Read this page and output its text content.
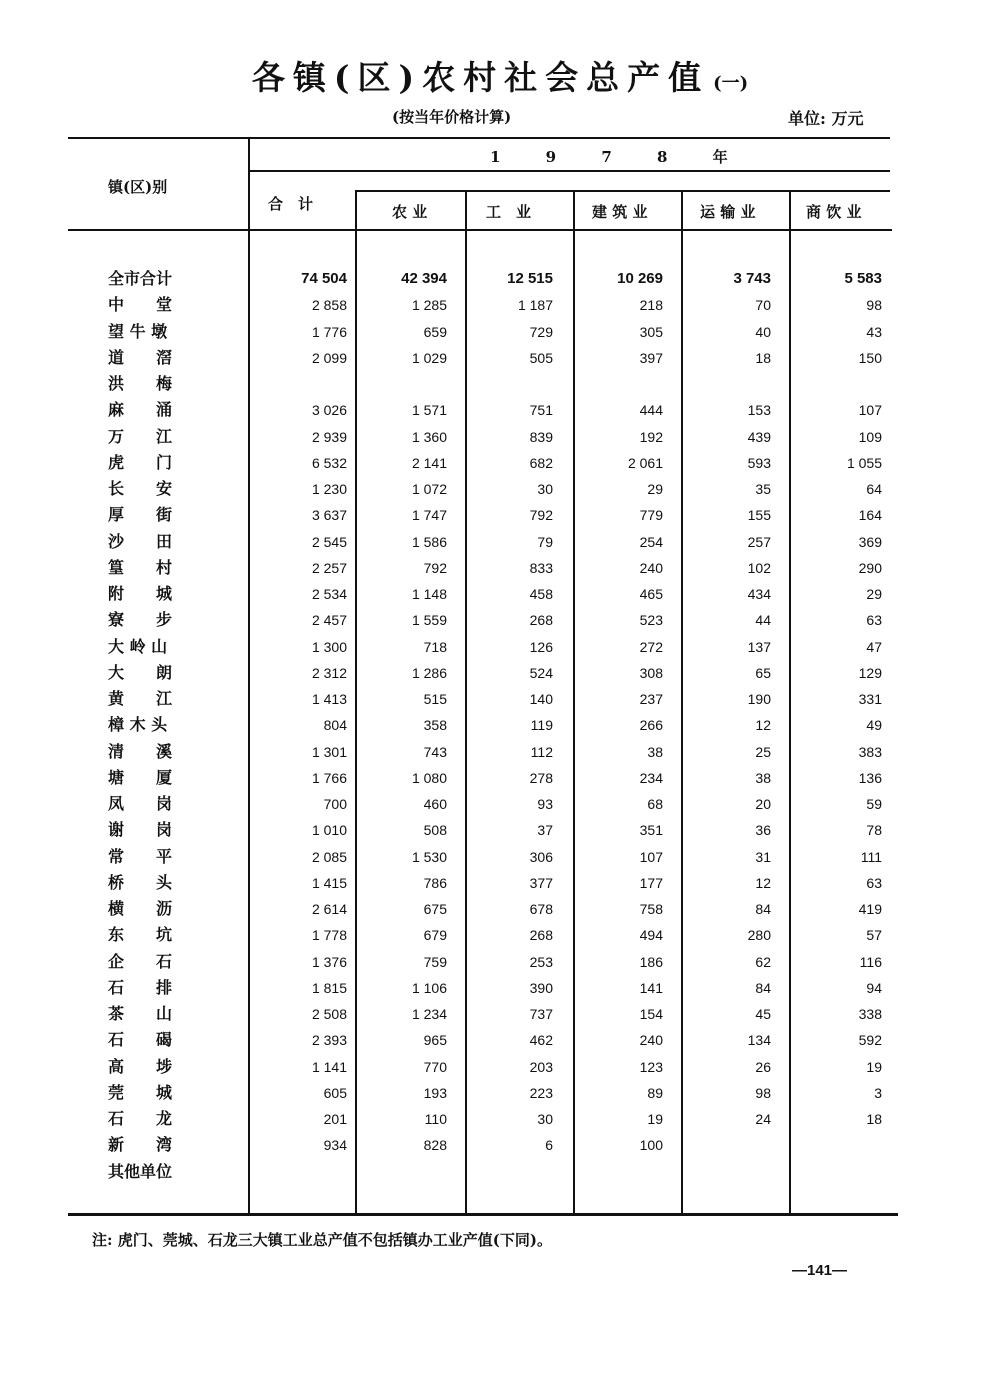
各镇(区)农村社会总产值 (一)
(按当年价格计算)	单位: 万元
镇(区)别
1 9 7 8 年
合　计	农 业	工　业	建 筑 业	运 输 业	商 饮 业
全市合计	74 504	42 394	12 515	10 269	3 743	5 583
中　　堂	2 858	1 285	1 187	218	70	98
望 牛 墩	1 776	659	729	305	40	43
道　　滘	2 099	1 029	505	397	18	150
洪　　梅						
麻　　涌	3 026	1 571	751	444	153	107
万　　江	2 939	1 360	839	192	439	109
虎　　门	6 532	2 141	682	2 061	593	1 055
长　　安	1 230	1 072	30	29	35	64
厚　　街	3 637	1 747	792	779	155	164
沙　　田	2 545	1 586	79	254	257	369
篁　　村	2 257	792	833	240	102	290
附　　城	2 534	1 148	458	465	434	29
寮　　步	2 457	1 559	268	523	44	63
大 岭 山	1 300	718	126	272	137	47
大　　朗	2 312	1 286	524	308	65	129
黄　　江	1 413	515	140	237	190	331
樟 木 头	804	358	119	266	12	49
清　　溪	1 301	743	112	38	25	383
塘　　厦	1 766	1 080	278	234	38	136
凤　　岗	700	460	93	68	20	59
谢　　岗	1 010	508	37	351	36	78
常　　平	2 085	1 530	306	107	31	111
桥　　头	1 415	786	377	177	12	63
横　　沥	2 614	675	678	758	84	419
东　　坑	1 778	679	268	494	280	57
企　　石	1 376	759	253	186	62	116
石　　排	1 815	1 106	390	141	84	94
茶　　山	2 508	1 234	737	154	45	338
石　　碣	2 393	965	462	240	134	592
高　　埗	1 141	770	203	123	26	19
莞　　城	605	193	223	89	98	3
石　　龙	201	110	30	19	24	18
新　　湾	934	828	6	100		
其他单位						
注: 虎门、莞城、石龙三大镇工业总产值不包括镇办工业产值(下同)。
—141—
